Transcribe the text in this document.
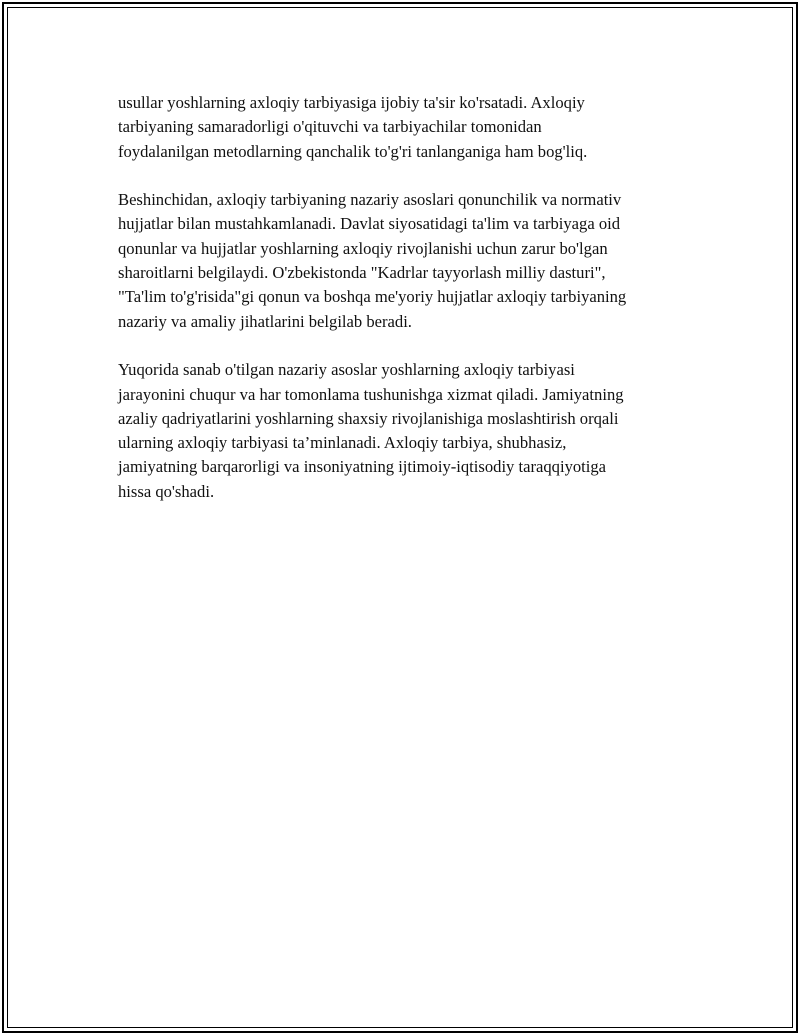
usullar yoshlarning axloqiy tarbiyasiga ijobiy ta'sir ko'rsatadi. Axloqiy
tarbiyaning samaradorligi o'qituvchi va tarbiyachilar tomonidan
foydalanilgan metodlarning qanchalik to'g'ri tanlanganiga ham bog'liq.

Beshinchidan, axloqiy tarbiyaning nazariy asoslari qonunchilik va normativ
hujjatlar bilan mustahkamlanadi. Davlat siyosatidagi ta'lim va tarbiyaga oid
qonunlar va hujjatlar yoshlarning axloqiy rivojlanishi uchun zarur bo'lgan
sharoitlarni belgilaydi. O'zbekistonda "Kadrlar tayyorlash milliy dasturi",
"Ta'lim to'g'risida"gi qonun va boshqa me'yoriy hujjatlar axloqiy tarbiyaning
nazariy va amaliy jihatlarini belgilab beradi.

Yuqorida sanab o'tilgan nazariy asoslar yoshlarning axloqiy tarbiyasi
jarayonini chuqur va har tomonlama tushunishga xizmat qiladi. Jamiyatning
azaliy qadriyatlarini yoshlarning shaxsiy rivojlanishiga moslashtirish orqali
ularning axloqiy tarbiyasi ta’minlanadi. Axloqiy tarbiya, shubhasiz,
jamiyatning barqarorligi va insoniyatning ijtimoiy-iqtisodiy taraqqiyotiga
hissa qo'shadi.
